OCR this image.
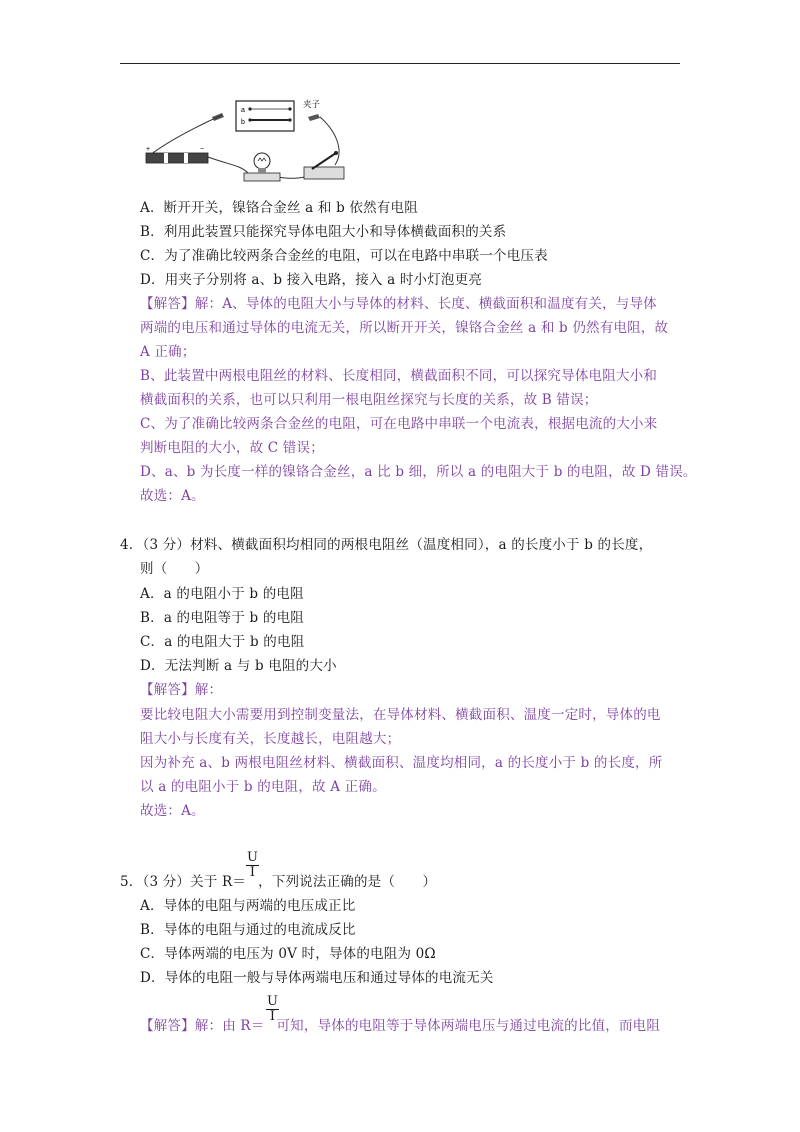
a
b
夹子
+	−
A．断开开关，镍铬合金丝 a 和 b 依然有电阻
B．利用此装置只能探究导体电阻大小和导体横截面积的关系
C．为了准确比较两条合金丝的电阻，可以在电路中串联一个电压表
D．用夹子分别将 a、b 接入电路，接入 a 时小灯泡更亮
【解答】解：A、导体的电阻大小与导体的材料、长度、横截面积和温度有关，与导体
两端的电压和通过导体的电流无关，所以断开开关，镍铬合金丝 a 和 b 仍然有电阻，故
A 正确；
B、此装置中两根电阻丝的材料、长度相同，横截面积不同，可以探究导体电阻大小和
横截面积的关系，也可以只利用一根电阻丝探究与长度的关系，故 B 错误；
C、为了准确比较两条合金丝的电阻，可在电路中串联一个电流表，根据电流的大小来
判断电阻的大小，故 C 错误；
D、a、b 为长度一样的镍铬合金丝，a 比 b 细，所以 a 的电阻大于 b 的电阻，故 D 错误。
故选：A。
4．（3 分）材料、横截面积均相同的两根电阻丝（温度相同），a 的长度小于 b 的长度，
则（　　）
A．a 的电阻小于 b 的电阻
B．a 的电阻等于 b 的电阻
C．a 的电阻大于 b 的电阻
D．无法判断 a 与 b 电阻的大小
【解答】解：
要比较电阻大小需要用到控制变量法，在导体材料、横截面积、温度一定时，导体的电
阻大小与长度有关，长度越长，电阻越大；
因为补充 a、b 两根电阻丝材料、横截面积、温度均相同，a 的长度小于 b 的长度，所
以 a 的电阻小于 b 的电阻，故 A 正确。
故选：A。
5．（3 分）关于 R＝ ，下列说法正确的是（　　）
$\frac{U}{I}$
A．导体的电阻与两端的电压成正比
B．导体的电阻与通过的电流成反比
C．导体两端的电压为 0V 时，导体的电阻为 0Ω
D．导体的电阻一般与导体两端电压和通过导体的电流无关
【解答】解：由 R＝ 可知，导体的电阻等于导体两端电压与通过电流的比值，而电阻
$\frac{U}{I}$
